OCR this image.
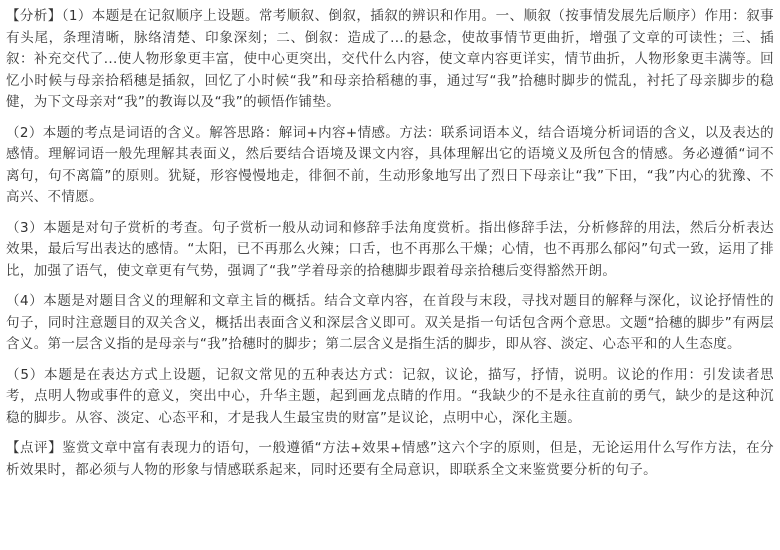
【分析】（1）本题是在记叙顺序上设题。常考顺叙、倒叙，插叙的辨识和作用。一、顺叙（按事情发展先后顺序）作用：叙事有头尾，条理清晰，脉络清楚、印象深刻；二、倒叙：造成了...的悬念，使故事情节更曲折，增强了文章的可读性；三、插叙：补充交代了...使人物形象更丰富，使中心更突出，交代什么内容，使文章内容更详实，情节曲折，人物形象更丰满等。回忆小时候与母亲拾稻穗是插叙，回忆了小时候“我”和母亲拾稻穗的事，通过写“我”拾穗时脚步的慌乱，衬托了母亲脚步的稳健，为下文母亲对“我”的教诲以及“我”的顿悟作铺垫。

（2）本题的考点是词语的含义。解答思路：解词+内容+情感。方法：联系词语本义，结合语境分析词语的含义，以及表达的感情。理解词语一般先理解其表面义，然后要结合语境及课文内容，具体理解出它的语境义及所包含的情感。务必遵循“词不离句，句不离篇”的原则。犹疑，形容慢慢地走，徘徊不前，生动形象地写出了烈日下母亲让“我”下田，“我”内心的犹豫、不高兴、不情愿。

（3）本题是对句子赏析的考查。句子赏析一般从动词和修辞手法角度赏析。指出修辞手法，分析修辞的用法，然后分析表达效果，最后写出表达的感情。“太阳，已不再那么火辣；口舌，也不再那么干燥；心情，也不再那么郁闷”句式一致，运用了排比，加强了语气，使文章更有气势，强调了“我”学着母亲的拾穗脚步跟着母亲拾穗后变得豁然开朗。

（4）本题是对题目含义的理解和文章主旨的概括。结合文章内容，在首段与末段，寻找对题目的解释与深化，议论抒情性的句子，同时注意题目的双关含义，概括出表面含义和深层含义即可。双关是指一句话包含两个意思。文题“拾穗的脚步”有两层含义。第一层含义指的是母亲与“我”拾穗时的脚步；第二层含义是指生活的脚步，即从容、淡定、心态平和的人生态度。

（5）本题是在表达方式上设题，记叙文常见的五种表达方式：记叙，议论，描写，抒情，说明。议论的作用：引发读者思考，点明人物或事件的意义，突出中心，升华主题，起到画龙点睛的作用。“我缺少的不是永往直前的勇气，缺少的是这种沉稳的脚步。从容、淡定、心态平和，才是我人生最宝贵的财富”是议论，点明中心，深化主题。

【点评】鉴赏文章中富有表现力的语句，一般遵循“方法+效果+情感”这六个字的原则，但是，无论运用什么写作方法，在分析效果时，都必须与人物的形象与情感联系起来，同时还要有全局意识，即联系全文来鉴赏要分析的句子。
